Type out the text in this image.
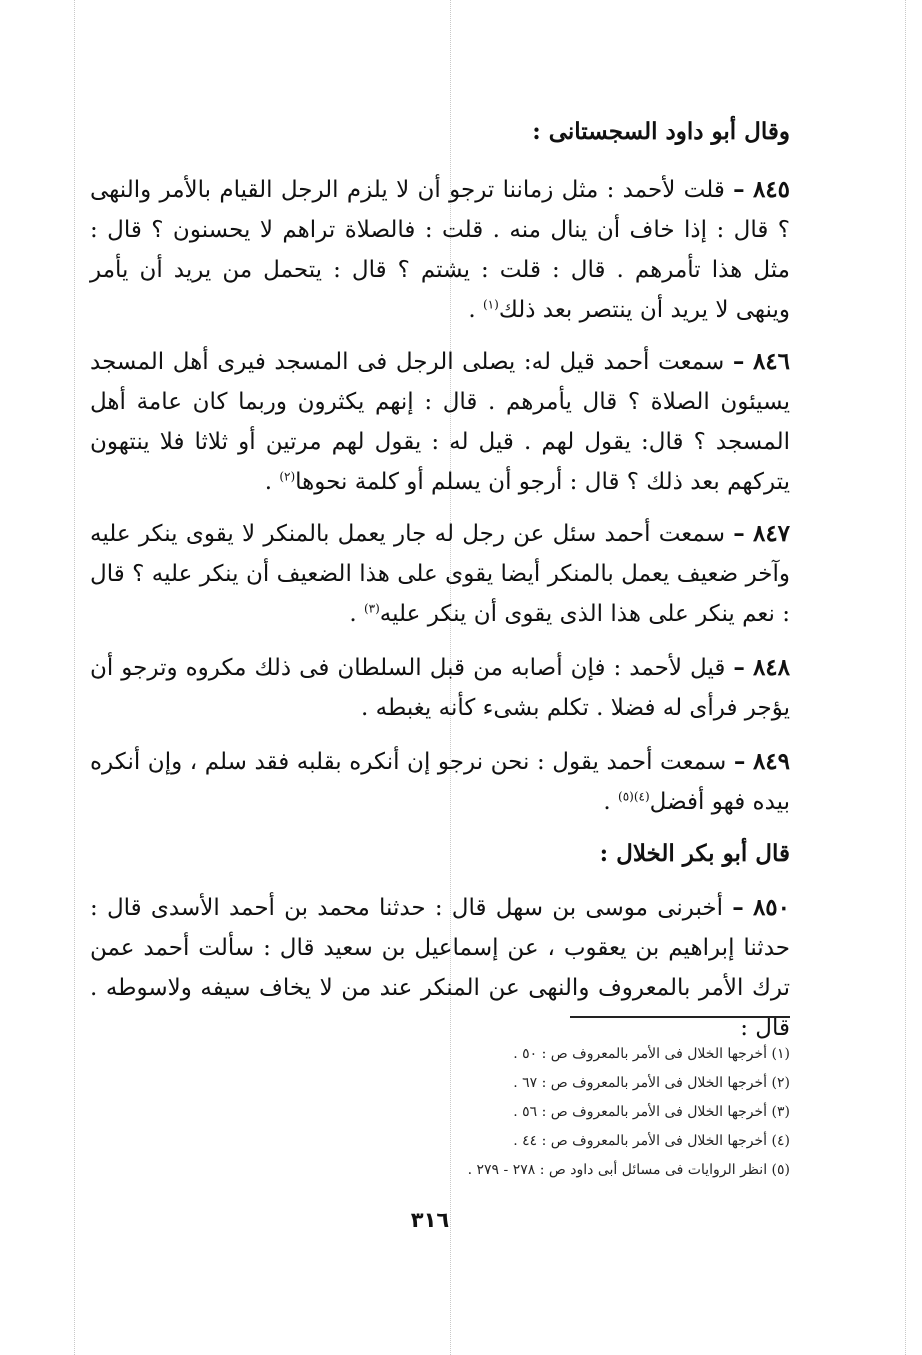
وقال أبو داود السجستانى :
٨٤٥ – قلت لأحمد : مثل زماننا ترجو أن لا يلزم الرجل القيام بالأمر والنهى ؟ قال : إذا خاف أن ينال منه . قلت : فالصلاة تراهم لا يحسنون ؟ قال : مثل هذا تأمرهم . قال : قلت : يشتم ؟ قال : يتحمل من يريد أن يأمر وينهى لا يريد أن ينتصر بعد ذلك$^{(١)}$ .
٨٤٦ – سمعت أحمد قيل له: يصلى الرجل فى المسجد فيرى أهل المسجد يسيئون الصلاة ؟ قال يأمرهم . قال : إنهم يكثرون وربما كان عامة أهل المسجد ؟ قال: يقول لهم . قيل له : يقول لهم مرتين أو ثلاثا فلا ينتهون يتركهم بعد ذلك ؟ قال : أرجو أن يسلم أو كلمة نحوها$^{(٢)}$ .
٨٤٧ – سمعت أحمد سئل عن رجل له جار يعمل بالمنكر لا يقوى ينكر عليه وآخر ضعيف يعمل بالمنكر أيضا يقوى على هذا الضعيف أن ينكر عليه ؟ قال : نعم ينكر على هذا الذى يقوى أن ينكر عليه$^{(٣)}$ .
٨٤٨ – قيل لأحمد : فإن أصابه من قبل السلطان فى ذلك مكروه وترجو أن يؤجر فرأى له فضلا . تكلم بشىء كأنه يغبطه .
٨٤٩ – سمعت أحمد يقول : نحن نرجو إن أنكره بقلبه فقد سلم ، وإن أنكره بيده فهو أفضل$^{(٤)(٥)}$ .
قال أبو بكر الخلال :
٨٥٠ – أخبرنى موسى بن سهل قال : حدثنا محمد بن أحمد الأسدى قال : حدثنا إبراهيم بن يعقوب ، عن إسماعيل بن سعيد قال : سألت أحمد عمن ترك الأمر بالمعروف والنهى عن المنكر عند من لا يخاف سيفه ولاسوطه . قال :
(١) أخرجها الخلال فى الأمر بالمعروف ص : ٥٠ .
(٢) أخرجها الخلال فى الأمر بالمعروف ص : ٦٧ .
(٣) أخرجها الخلال فى الأمر بالمعروف ص : ٥٦ .
(٤) أخرجها الخلال فى الأمر بالمعروف ص : ٤٤ .
(٥) انظر الروايات فى مسائل أبى داود ص : ٢٧٨ - ٢٧٩ .
٣١٦
